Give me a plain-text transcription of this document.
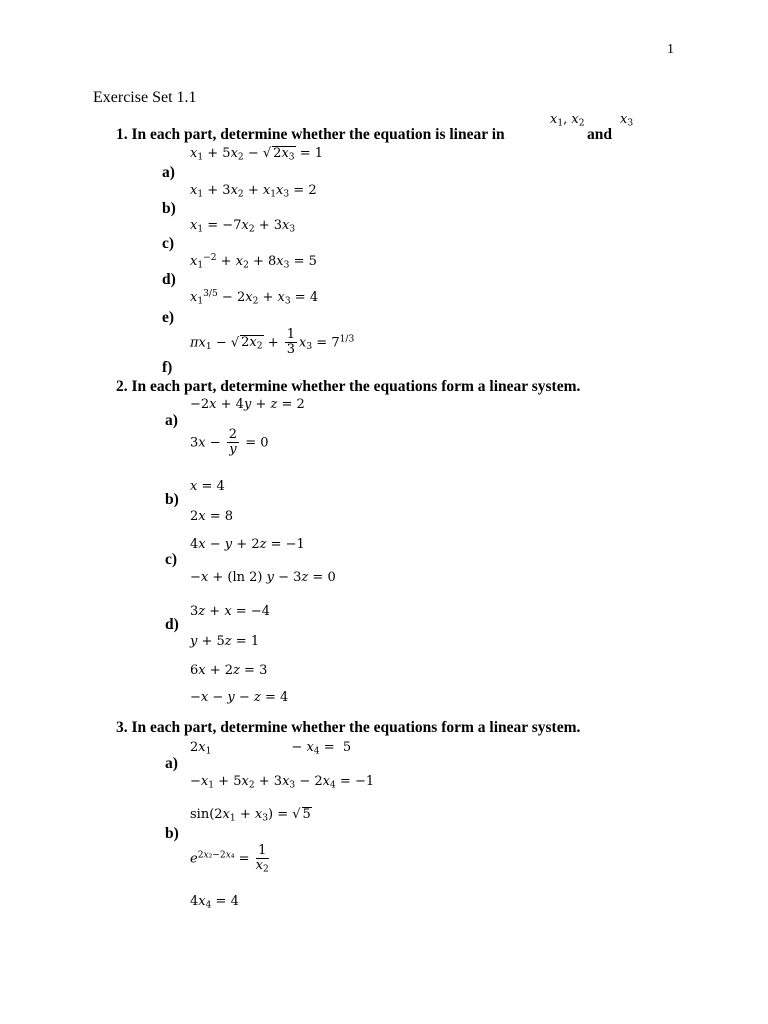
1
Exercise Set 1.1
$x_1$, $x_2$	$x_3$
1. In each part, determine whether the equation is linear in	and
$x_1 + 5x_2$ − √ $2x_3 = 1$
a)
$x_1 + 3x_2 + x_1x_3 = 2$
b)
$x_1 = -7x_2 + 3x_3$
c)
$x_1^{-2} + x_2 + 8x_3 = 5$
d)
$x_1^{3/5} - 2x_2 + x_3 = 4$
e)
$\pi x_1$ − √ $2x_2 + \frac{1}{3} x_3 = 7^{1/3}$
f)
2. In each part, determine whether the equations form a linear system.
−2x + 4y + z = 2
a)
$3x - \frac{2}{y} = 0$
x = 4
b)
2x = 8
4x − y + 2z = −1
c)
−x + (ln 2) y − 3z = 0
3z + x = −4
d)
y + 5z = 1
6x + 2z = 3
−x − y − z = 4
3. In each part, determine whether the equations form a linear system.
$2x_1$	− $x_4 = 5$
a)
$-x_1 + 5x_2 + 3x_3 - 2x_4 = -1$
$\sin(2x_1 + x_3)$ = √ 5
b)
$e^{2x_2-2x_4} = \frac{1}{x_2}$
$4x_4 = 4$
